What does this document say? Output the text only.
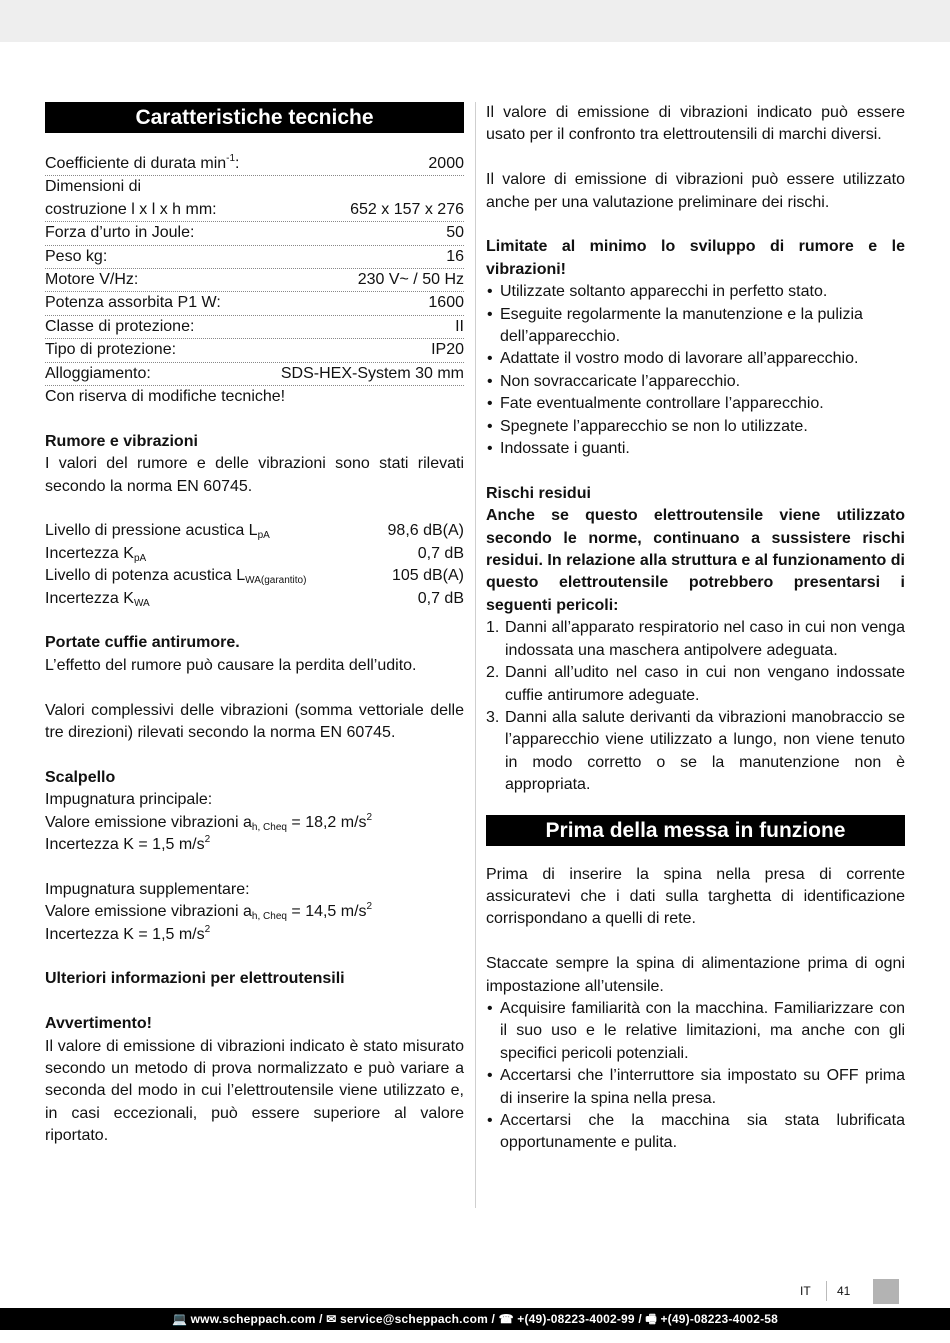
Caratteristiche tecniche
Coefficiente di durata $\min^{-1}$:	2000
Dimensioni di
costruzione l x l x h mm:	652 x 157 x 276
Forza d’urto in Joule:	50
Peso kg:	16
Motore V/Hz:	230 V~ / 50 Hz
Potenza assorbita P1 W:	1600
Classe di protezione:	II
Tipo di protezione:	IP20
Alloggiamento:	SDS-HEX-System 30 mm
Con riserva di modifiche tecniche!
Rumore e vibrazioni
I valori del rumore e delle vibrazioni sono stati rilevati secondo la norma EN 60745.
Livello di pressione acustica $L_{pA}$	98,6 dB(A)
Incertezza $K_{pA}$	0,7 dB
Livello di potenza acustica $L_{WA(garantito)}$	105 dB(A)
Incertezza $K_{WA}$	0,7 dB
Portate cuffie antirumore.
L’effetto del rumore può causare la perdita dell’udito.
Valori complessivi delle vibrazioni (somma vettoriale delle tre direzioni) rilevati secondo la norma EN 60745.
Scalpello
Impugnatura principale:
Valore emissione vibrazioni $a_{h, Cheq} = 18,2$ $m/s^2$
Incertezza K = 1,5 $m/s^2$
Impugnatura supplementare:
Valore emissione vibrazioni $a_{h, Cheq} = 14,5$ $m/s^2$
Incertezza K = 1,5 $m/s^2$
Ulteriori informazioni per elettroutensili
Avvertimento!
Il valore di emissione di vibrazioni indicato è stato misurato secondo un metodo di prova normalizzato e può variare a seconda del modo in cui l’elettroutensile viene utilizzato e, in casi eccezionali, può essere superiore al valore riportato.
Il valore di emissione di vibrazioni indicato può essere usato per il confronto tra elettroutensili di marchi diversi.
Il valore di emissione di vibrazioni può essere utilizzato anche per una valutazione preliminare dei rischi.
Limitate al minimo lo sviluppo di rumore e le vibrazioni!
• Utilizzate soltanto apparecchi in perfetto stato.
• Eseguite regolarmente la manutenzione e la pulizia dell’apparecchio.
• Adattate il vostro modo di lavorare all’apparecchio.
• Non sovraccaricate l’apparecchio.
• Fate eventualmente controllare l’apparecchio.
• Spegnete l’apparecchio se non lo utilizzate.
• Indossate i guanti.
Rischi residui
Anche se questo elettroutensile viene utilizzato secondo le norme, continuano a sussistere rischi residui. In relazione alla struttura e al funzionamento di questo elettroutensile potrebbero presentarsi i seguenti pericoli:
1. Danni all’apparato respiratorio nel caso in cui non venga indossata una maschera antipolvere adeguata.
2. Danni all’udito nel caso in cui non vengano indossate cuffie antirumore adeguate.
3. Danni alla salute derivanti da vibrazioni manobraccio se l’apparecchio viene utilizzato a lungo, non viene tenuto in modo corretto o se la manutenzione non è appropriata.
Prima della messa in funzione
Prima di inserire la spina nella presa di corrente assicuratevi che i dati sulla targhetta di identificazione corrispondano a quelli di rete.
Staccate sempre la spina di alimentazione prima di ogni impostazione all’utensile.
• Acquisire familiarità con la macchina. Familiarizzare con il suo uso e le relative limitazioni, ma anche con gli specifici pericoli potenziali.
• Accertarsi che l’interruttore sia impostato su OFF prima di inserire la spina nella presa.
• Accertarsi che la macchina sia stata lubrificata opportunamente e pulita.
IT 41
💻 www.scheppach.com / ✉ service@scheppach.com / ☎ +(49)-08223-4002-99 / 🖷 +(49)-08223-4002-58
